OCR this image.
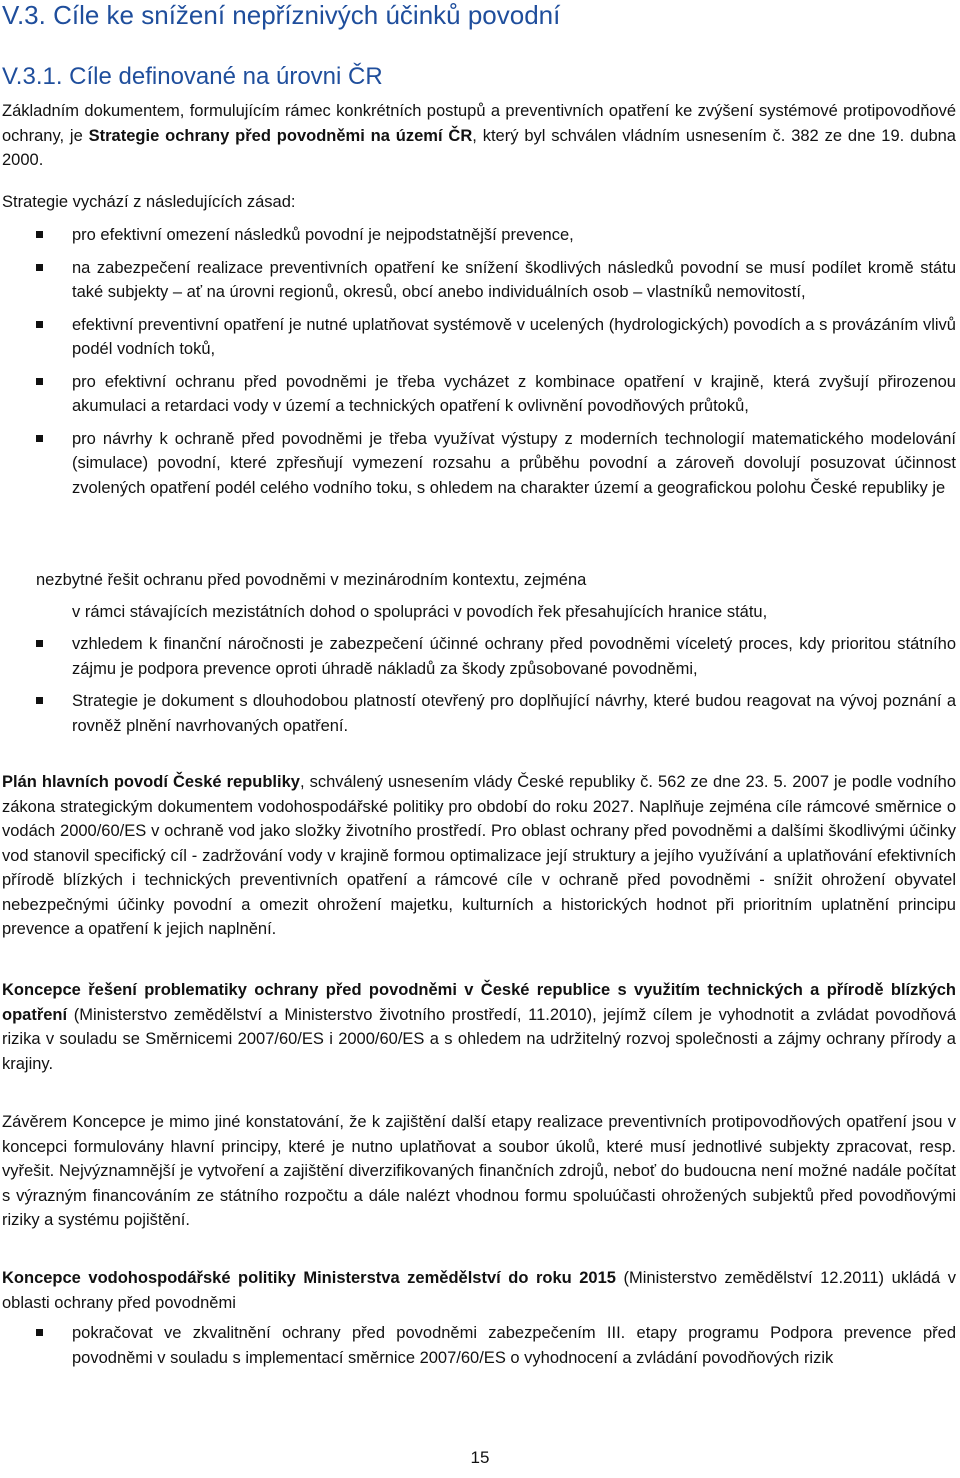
V.3. Cíle ke snížení nepříznivých účinků povodní
V.3.1. Cíle definované na úrovni ČR

Základním dokumentem, formulujícím rámec konkrétních postupů a preventivních opatření ke zvýšení systémové protipovodňové ochrany, je Strategie ochrany před povodněmi na území ČR, který byl schválen vládním usnesením č. 382 ze dne 19. dubna 2000.

Strategie vychází z následujících zásad:

pro efektivní omezení následků povodní je nejpodstatnější prevence,
na zabezpečení realizace preventivních opatření ke snížení škodlivých následků povodní se musí podílet kromě státu také subjekty – ať na úrovni regionů, okresů, obcí anebo individuálních osob – vlastníků nemovitostí,
efektivní preventivní opatření je nutné uplatňovat systémově v ucelených (hydrologických) povodích a s provázáním vlivů podél vodních toků,
pro efektivní ochranu před povodněmi je třeba vycházet z kombinace opatření v krajině, která zvyšují přirozenou akumulaci a retardaci vody v území a technických opatření k ovlivnění povodňových průtoků,
pro návrhy k ochraně před povodněmi je třeba využívat výstupy z moderních technologií matematického modelování (simulace) povodní, které zpřesňují vymezení rozsahu a průběhu povodní a zároveň dovolují posuzovat účinnost zvolených opatření podél celého vodního toku, s ohledem na charakter území a geografickou polohu České republiky je

nezbytné řešit ochranu před povodněmi v mezinárodním kontextu, zejména

v rámci stávajících mezistátních dohod o spolupráci v povodích řek přesahujících hranice státu,

vzhledem k finanční náročnosti je zabezpečení účinné ochrany před povodněmi víceletý proces, kdy prioritou státního zájmu je podpora prevence oproti úhradě nákladů za škody způsobované povodněmi,
Strategie je dokument s dlouhodobou platností otevřený pro doplňující návrhy, které budou reagovat na vývoj poznání a rovněž plnění navrhovaných opatření.

Plán hlavních povodí České republiky, schválený usnesením vlády České republiky č. 562 ze dne 23. 5. 2007 je podle vodního zákona strategickým dokumentem vodohospodářské politiky pro období do roku 2027. Naplňuje zejména cíle rámcové směrnice o vodách 2000/60/ES v ochraně vod jako složky životního prostředí. Pro oblast ochrany před povodněmi a dalšími škodlivými účinky vod stanovil specifický cíl - zadržování vody v krajině formou optimalizace její struktury a jejího využívání a uplatňování efektivních přírodě blízkých i technických preventivních opatření a rámcové cíle v ochraně před povodněmi - snížit ohrožení obyvatel nebezpečnými účinky povodní a omezit ohrožení majetku, kulturních a historických hodnot při prioritním uplatnění principu prevence a opatření k jejich naplnění.

Koncepce řešení problematiky ochrany před povodněmi v České republice s využitím technických a přírodě blízkých opatření (Ministerstvo zemědělství a Ministerstvo životního prostředí, 11.2010), jejímž cílem je vyhodnotit a zvládat povodňová rizika v souladu se Směrnicemi 2007/60/ES i 2000/60/ES a s ohledem na udržitelný rozvoj společnosti a zájmy ochrany přírody a krajiny.

Závěrem Koncepce je mimo jiné konstatování, že k zajištění další etapy realizace preventivních protipovodňových opatření jsou v koncepci formulovány hlavní principy, které je nutno uplatňovat a soubor úkolů, které musí jednotlivé subjekty zpracovat, resp. vyřešit. Nejvýznamnější je vytvoření a zajištění diverzifikovaných finančních zdrojů, neboť do budoucna není možné nadále počítat s výrazným financováním ze státního rozpočtu a dále nalézt vhodnou formu spoluúčasti ohrožených subjektů před povodňovými riziky a systému pojištění.

Koncepce vodohospodářské politiky Ministerstva zemědělství do roku 2015 (Ministerstvo zemědělství 12.2011) ukládá v oblasti ochrany před povodněmi

pokračovat ve zkvalitnění ochrany před povodněmi zabezpečením III. etapy programu Podpora prevence před povodněmi v souladu s implementací směrnice 2007/60/ES o vyhodnocení a zvládání povodňových rizik
15
